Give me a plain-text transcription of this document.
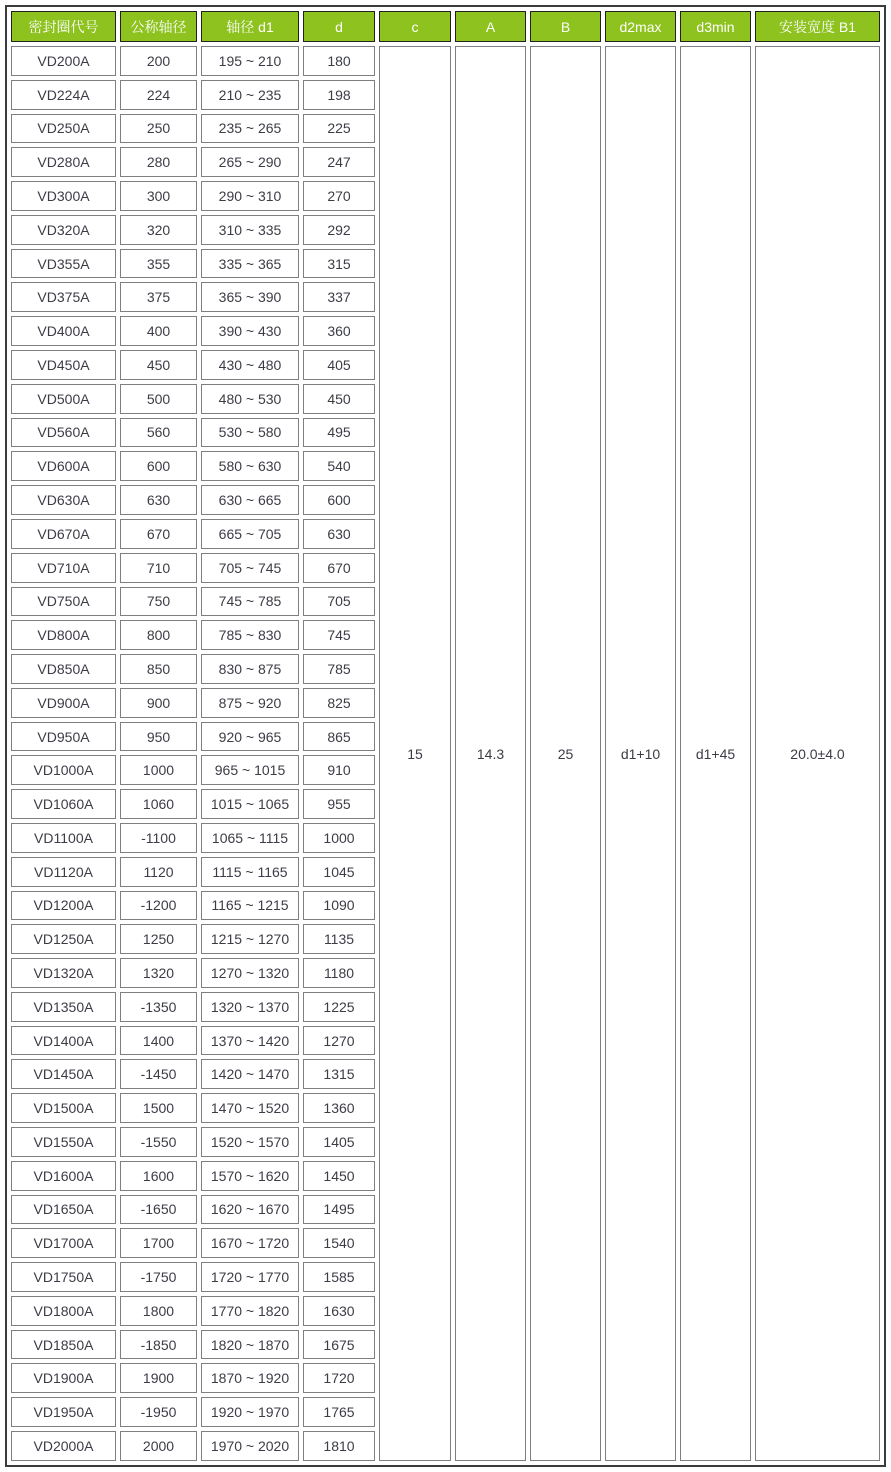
密封圈代号	公称轴径	轴径 d1	d	c	A	B	d2max	d3min	安装宽度 B1
VD200A	200	195 ~ 210	180	15	14.3	25	d1+10	d1+45	20.0±4.0
VD224A	224	210 ~ 235	198						
VD250A	250	235 ~ 265	225						
VD280A	280	265 ~ 290	247						
VD300A	300	290 ~ 310	270						
VD320A	320	310 ~ 335	292						
VD355A	355	335 ~ 365	315						
VD375A	375	365 ~ 390	337						
VD400A	400	390 ~ 430	360						
VD450A	450	430 ~ 480	405						
VD500A	500	480 ~ 530	450						
VD560A	560	530 ~ 580	495						
VD600A	600	580 ~ 630	540						
VD630A	630	630 ~ 665	600						
VD670A	670	665 ~ 705	630						
VD710A	710	705 ~ 745	670						
VD750A	750	745 ~ 785	705						
VD800A	800	785 ~ 830	745						
VD850A	850	830 ~ 875	785						
VD900A	900	875 ~ 920	825						
VD950A	950	920 ~ 965	865						
VD1000A	1000	965 ~ 1015	910						
VD1060A	1060	1015 ~ 1065	955						
VD1100A	-1100	1065 ~ 1115	1000						
VD1120A	1120	1115 ~ 1165	1045						
VD1200A	-1200	1165 ~ 1215	1090						
VD1250A	1250	1215 ~ 1270	1135						
VD1320A	1320	1270 ~ 1320	1180						
VD1350A	-1350	1320 ~ 1370	1225						
VD1400A	1400	1370 ~ 1420	1270						
VD1450A	-1450	1420 ~ 1470	1315						
VD1500A	1500	1470 ~ 1520	1360						
VD1550A	-1550	1520 ~ 1570	1405						
VD1600A	1600	1570 ~ 1620	1450						
VD1650A	-1650	1620 ~ 1670	1495						
VD1700A	1700	1670 ~ 1720	1540						
VD1750A	-1750	1720 ~ 1770	1585						
VD1800A	1800	1770 ~ 1820	1630						
VD1850A	-1850	1820 ~ 1870	1675						
VD1900A	1900	1870 ~ 1920	1720						
VD1950A	-1950	1920 ~ 1970	1765						
VD2000A	2000	1970 ~ 2020	1810						
